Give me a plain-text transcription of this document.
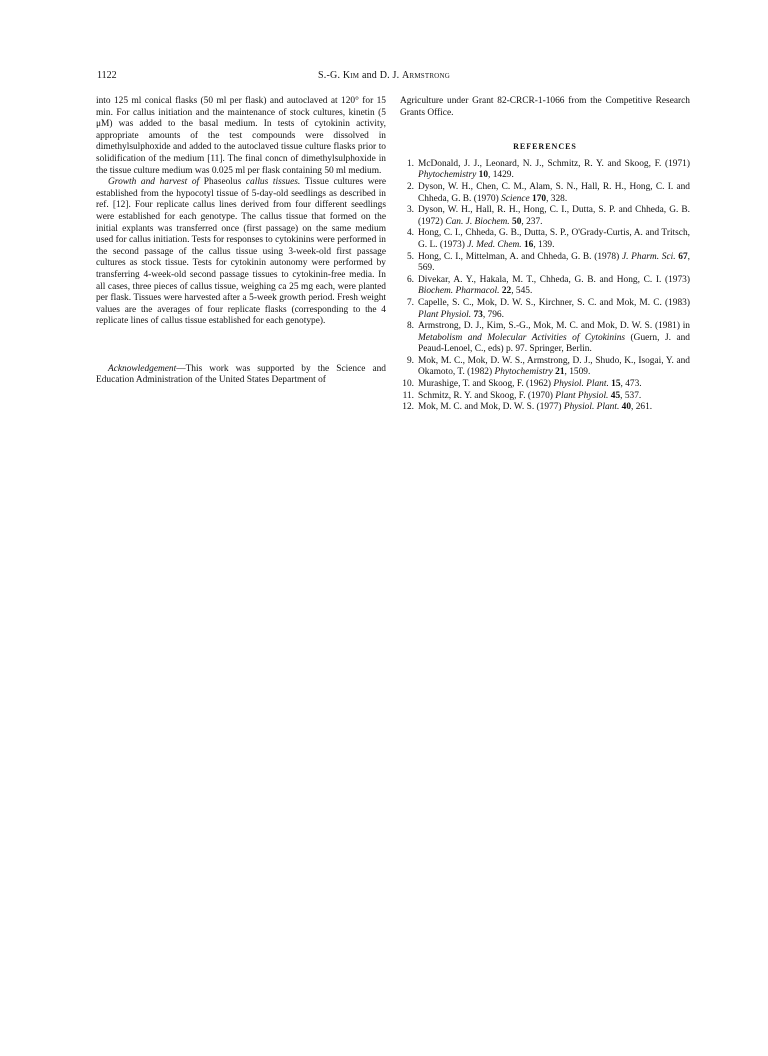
1122	S.-G. Kim and D. J. Armstrong

into 125 ml conical flasks (50 ml per flask) and autoclaved at 120° for 15 min. For callus initiation and the maintenance of stock cultures, kinetin (5 μM) was added to the basal medium. In tests of cytokinin activity, appropriate amounts of the test compounds were dissolved in dimethylsulphoxide and added to the autoclaved tissue culture flasks prior to solidification of the medium [11]. The final concn of dimethylsulphoxide in the tissue culture medium was 0.025 ml per flask containing 50 ml medium.

Growth and harvest of Phaseolus callus tissues. Tissue cultures were established from the hypocotyl tissue of 5-day-old seedlings as described in ref. [12]. Four replicate callus lines derived from four different seedlings were established for each genotype. The callus tissue that formed on the initial explants was transferred once (first passage) on the same medium used for callus initiation. Tests for responses to cytokinins were performed in the second passage of the callus tissue using 3-week-old first passage cultures as stock tissue. Tests for cytokinin autonomy were performed by transferring 4-week-old second passage tissues to cytokinin-free media. In all cases, three pieces of callus tissue, weighing ca 25 mg each, were planted per flask. Tissues were harvested after a 5-week growth period. Fresh weight values are the averages of four replicate flasks (corresponding to the 4 replicate lines of callus tissue established for each genotype).

Acknowledgement—This work was supported by the Science and Education Administration of the United States Department of

Agriculture under Grant 82-CRCR-1-1066 from the Competitive Research Grants Office.

REFERENCES
1. McDonald, J. J., Leonard, N. J., Schmitz, R. Y. and Skoog, F. (1971) Phytochemistry 10, 1429.
2. Dyson, W. H., Chen, C. M., Alam, S. N., Hall, R. H., Hong, C. I. and Chheda, G. B. (1970) Science 170, 328.
3. Dyson, W. H., Hall, R. H., Hong, C. I., Dutta, S. P. and Chheda, G. B. (1972) Can. J. Biochem. 50, 237.
4. Hong, C. I., Chheda, G. B., Dutta, S. P., O'Grady-Curtis, A. and Tritsch, G. L. (1973) J. Med. Chem. 16, 139.
5. Hong, C. I., Mittelman, A. and Chheda, G. B. (1978) J. Pharm. Sci. 67, 569.
6. Divekar, A. Y., Hakala, M. T., Chheda, G. B. and Hong, C. I. (1973) Biochem. Pharmacol. 22, 545.
7. Capelle, S. C., Mok, D. W. S., Kirchner, S. C. and Mok, M. C. (1983) Plant Physiol. 73, 796.
8. Armstrong, D. J., Kim, S.-G., Mok, M. C. and Mok, D. W. S. (1981) in Metabolism and Molecular Activities of Cytokinins (Guern, J. and Peaud-Lenoel, C., eds) p. 97. Springer, Berlin.
9. Mok, M. C., Mok, D. W. S., Armstrong, D. J., Shudo, K., Isogai, Y. and Okamoto, T. (1982) Phytochemistry 21, 1509.
10. Murashige, T. and Skoog, F. (1962) Physiol. Plant. 15, 473.
11. Schmitz, R. Y. and Skoog, F. (1970) Plant Physiol. 45, 537.
12. Mok, M. C. and Mok, D. W. S. (1977) Physiol. Plant. 40, 261.
